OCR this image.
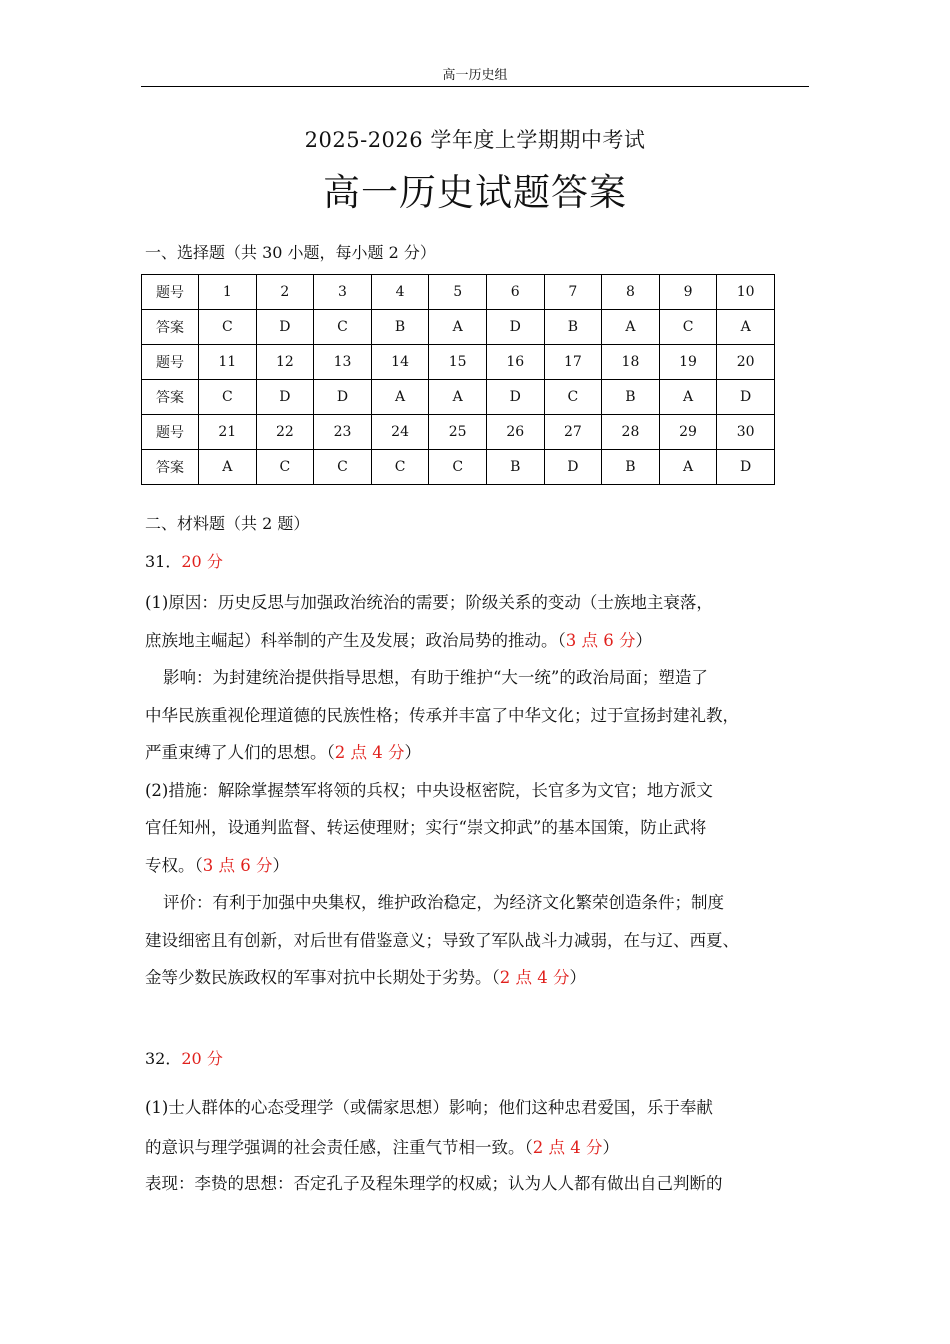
高一历史组
2025-2026 学年度上学期期中考试
高一历史试题答案
一、选择题（共 30 小题，每小题 2 分）
题号	1	2	3	4	5	6	7	8	9	10
答案	C	D	C	B	A	D	B	A	C	A
题号	11	12	13	14	15	16	17	18	19	20
答案	C	D	D	A	A	D	C	B	A	D
题号	21	22	23	24	25	26	27	28	29	30
答案	A	C	C	C	C	B	D	B	A	D
二、材料题（共 2 题）
31．20 分

(1)原因：历史反思与加强政治统治的需要；阶级关系的变动（士族地主衰落，

庶族地主崛起）科举制的产生及发展；政治局势的推动。（3 点 6 分）

影响：为封建统治提供指导思想，有助于维护“大一统”的政治局面；塑造了

中华民族重视伦理道德的民族性格；传承并丰富了中华文化；过于宣扬封建礼教，

严重束缚了人们的思想。（2 点 4 分）

(2)措施：解除掌握禁军将领的兵权；中央设枢密院，长官多为文官；地方派文

官任知州，设通判监督、转运使理财；实行“崇文抑武”的基本国策，防止武将

专权。（3 点 6 分）

评价：有利于加强中央集权，维护政治稳定，为经济文化繁荣创造条件；制度

建设细密且有创新，对后世有借鉴意义；导致了军队战斗力减弱，在与辽、西夏、

金等少数民族政权的军事对抗中长期处于劣势。（2 点 4 分）

32．20 分

(1)士人群体的心态受理学（或儒家思想）影响；他们这种忠君爱国，乐于奉献

的意识与理学强调的社会责任感，注重气节相一致。（2 点 4 分）

表现：李贽的思想：否定孔子及程朱理学的权威；认为人人都有做出自己判断的
